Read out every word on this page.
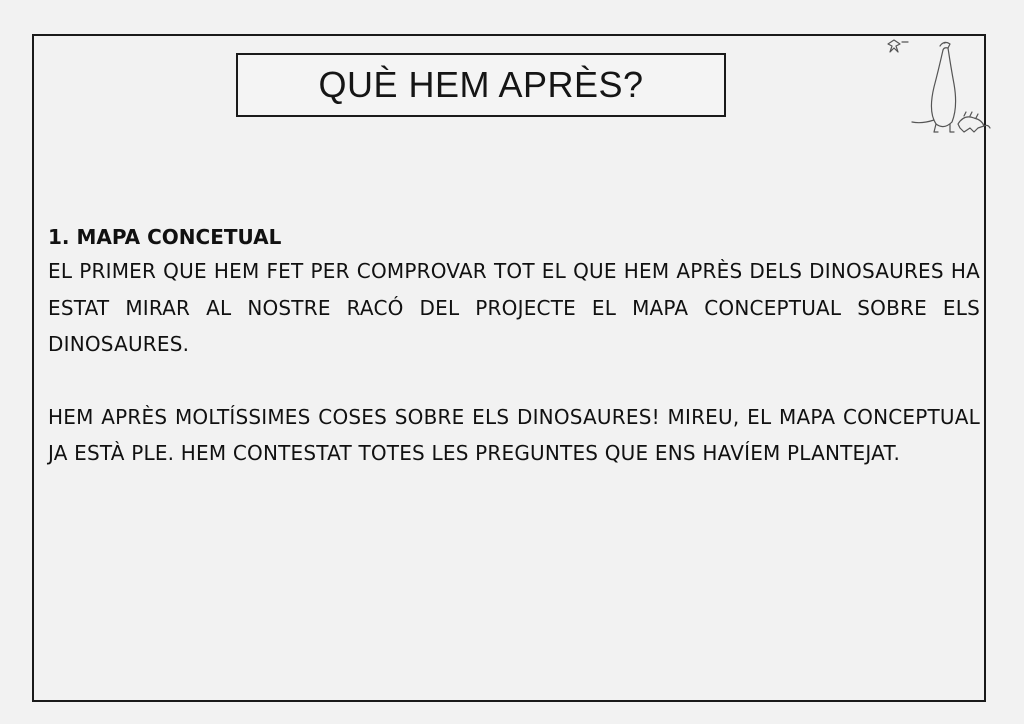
QUÈ HEM APRÈS?

1. MAPA CONCETUAL

EL PRIMER QUE HEM FET PER COMPROVAR TOT EL QUE HEM APRÈS DELS DINOSAURES HA ESTAT MIRAR AL NOSTRE RACÓ DEL PROJECTE EL MAPA CONCEPTUAL SOBRE ELS DINOSAURES.

HEM APRÈS MOLTÍSSIMES COSES SOBRE ELS DINOSAURES! MIREU, EL MAPA CONCEPTUAL JA ESTÀ PLE. HEM CONTESTAT TOTES LES PREGUNTES QUE ENS HAVÍEM PLANTEJAT.
